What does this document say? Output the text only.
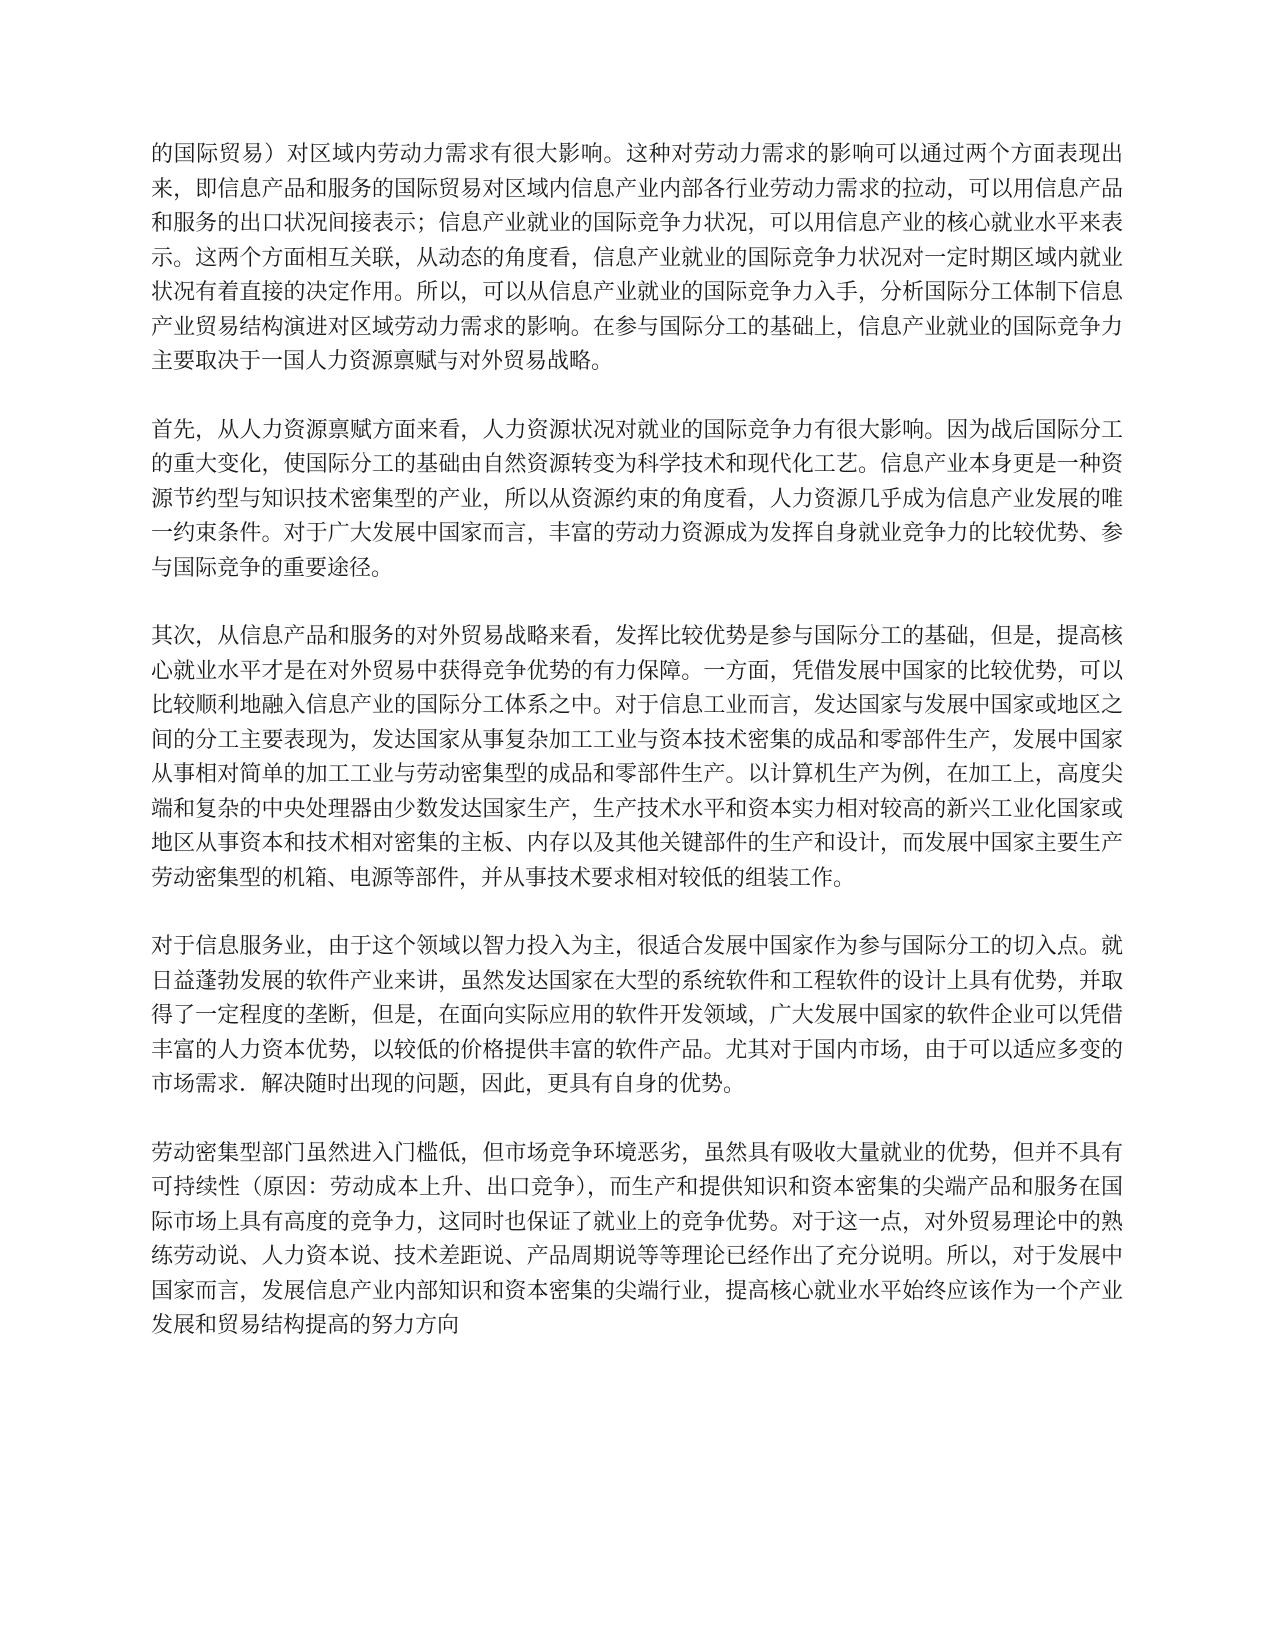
的国际贸易）对区域内劳动力需求有很大影响。这种对劳动力需求的影响可以通过两个方面表现出来，即信息产品和服务的国际贸易对区域内信息产业内部各行业劳动力需求的拉动，可以用信息产品和服务的出口状况间接表示；信息产业就业的国际竞争力状况，可以用信息产业的核心就业水平来表示。这两个方面相互关联，从动态的角度看，信息产业就业的国际竞争力状况对一定时期区域内就业状况有着直接的决定作用。所以，可以从信息产业就业的国际竞争力入手，分析国际分工体制下信息产业贸易结构演进对区域劳动力需求的影响。在参与国际分工的基础上，信息产业就业的国际竞争力主要取决于一国人力资源禀赋与对外贸易战略。

首先，从人力资源禀赋方面来看，人力资源状况对就业的国际竞争力有很大影响。因为战后国际分工的重大变化，使国际分工的基础由自然资源转变为科学技术和现代化工艺。信息产业本身更是一种资源节约型与知识技术密集型的产业，所以从资源约束的角度看，人力资源几乎成为信息产业发展的唯一约束条件。对于广大发展中国家而言，丰富的劳动力资源成为发挥自身就业竞争力的比较优势、参与国际竞争的重要途径。

其次，从信息产品和服务的对外贸易战略来看，发挥比较优势是参与国际分工的基础，但是，提高核心就业水平才是在对外贸易中获得竞争优势的有力保障。一方面，凭借发展中国家的比较优势，可以比较顺利地融入信息产业的国际分工体系之中。对于信息工业而言，发达国家与发展中国家或地区之间的分工主要表现为，发达国家从事复杂加工工业与资本技术密集的成品和零部件生产，发展中国家从事相对简单的加工工业与劳动密集型的成品和零部件生产。以计算机生产为例，在加工上，高度尖端和复杂的中央处理器由少数发达国家生产，生产技术水平和资本实力相对较高的新兴工业化国家或地区从事资本和技术相对密集的主板、内存以及其他关键部件的生产和设计，而发展中国家主要生产劳动密集型的机箱、电源等部件，并从事技术要求相对较低的组装工作。

对于信息服务业，由于这个领域以智力投入为主，很适合发展中国家作为参与国际分工的切入点。就日益蓬勃发展的软件产业来讲，虽然发达国家在大型的系统软件和工程软件的设计上具有优势，并取得了一定程度的垄断，但是，在面向实际应用的软件开发领域，广大发展中国家的软件企业可以凭借丰富的人力资本优势，以较低的价格提供丰富的软件产品。尤其对于国内市场，由于可以适应多变的市场需求．解决随时出现的问题，因此，更具有自身的优势。

劳动密集型部门虽然进入门槛低，但市场竞争环境恶劣，虽然具有吸收大量就业的优势，但并不具有可持续性（原因：劳动成本上升、出口竞争），而生产和提供知识和资本密集的尖端产品和服务在国际市场上具有高度的竞争力，这同时也保证了就业上的竞争优势。对于这一点，对外贸易理论中的熟练劳动说、人力资本说、技术差距说、产品周期说等等理论已经作出了充分说明。所以，对于发展中国家而言，发展信息产业内部知识和资本密集的尖端行业，提高核心就业水平始终应该作为一个产业发展和贸易结构提高的努力方向
